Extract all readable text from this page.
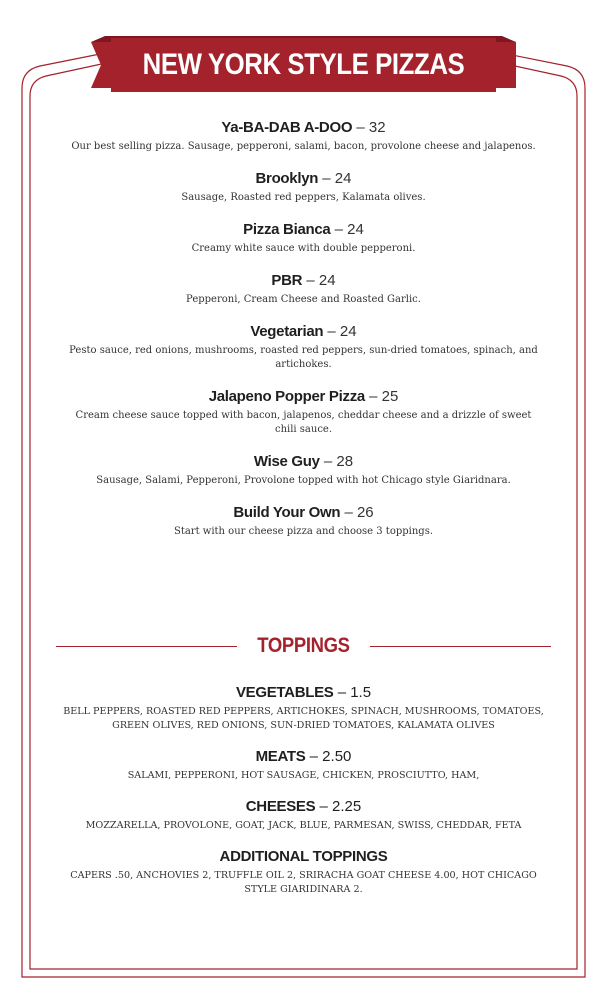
NEW YORK STYLE PIZZAS
Ya-BA-DAB A-DOO – 32
Our best selling pizza. Sausage, pepperoni, salami, bacon, provolone cheese and jalapenos.
Brooklyn – 24
Sausage, Roasted red peppers, Kalamata olives.
Pizza Bianca – 24
Creamy white sauce with double pepperoni.
PBR – 24
Pepperoni, Cream Cheese and Roasted Garlic.
Vegetarian – 24
Pesto sauce, red onions, mushrooms, roasted red peppers, sun-dried tomatoes, spinach, and artichokes.
Jalapeno Popper Pizza – 25
Cream cheese sauce topped with bacon, jalapenos, cheddar cheese and a drizzle of sweet chili sauce.
Wise Guy – 28
Sausage, Salami, Pepperoni, Provolone topped with hot Chicago style Giaridnara.
Build Your Own – 26
Start with our cheese pizza and choose 3 toppings.
TOPPINGS
VEGETABLES – 1.5
BELL PEPPERS, ROASTED RED PEPPERS, ARTICHOKES, SPINACH, MUSHROOMS, TOMATOES, GREEN OLIVES, RED ONIONS, SUN-DRIED TOMATOES, KALAMATA OLIVES
MEATS – 2.50
SALAMI, PEPPERONI, HOT SAUSAGE, CHICKEN, PROSCIUTTO, HAM,
CHEESES – 2.25
MOZZARELLA, PROVOLONE, GOAT, JACK, BLUE, PARMESAN, SWISS, CHEDDAR, FETA
ADDITIONAL TOPPINGS
CAPERS .50, ANCHOVIES 2, TRUFFLE OIL 2, SRIRACHA GOAT CHEESE 4.00, HOT CHICAGO STYLE GIARIDINARA 2.
